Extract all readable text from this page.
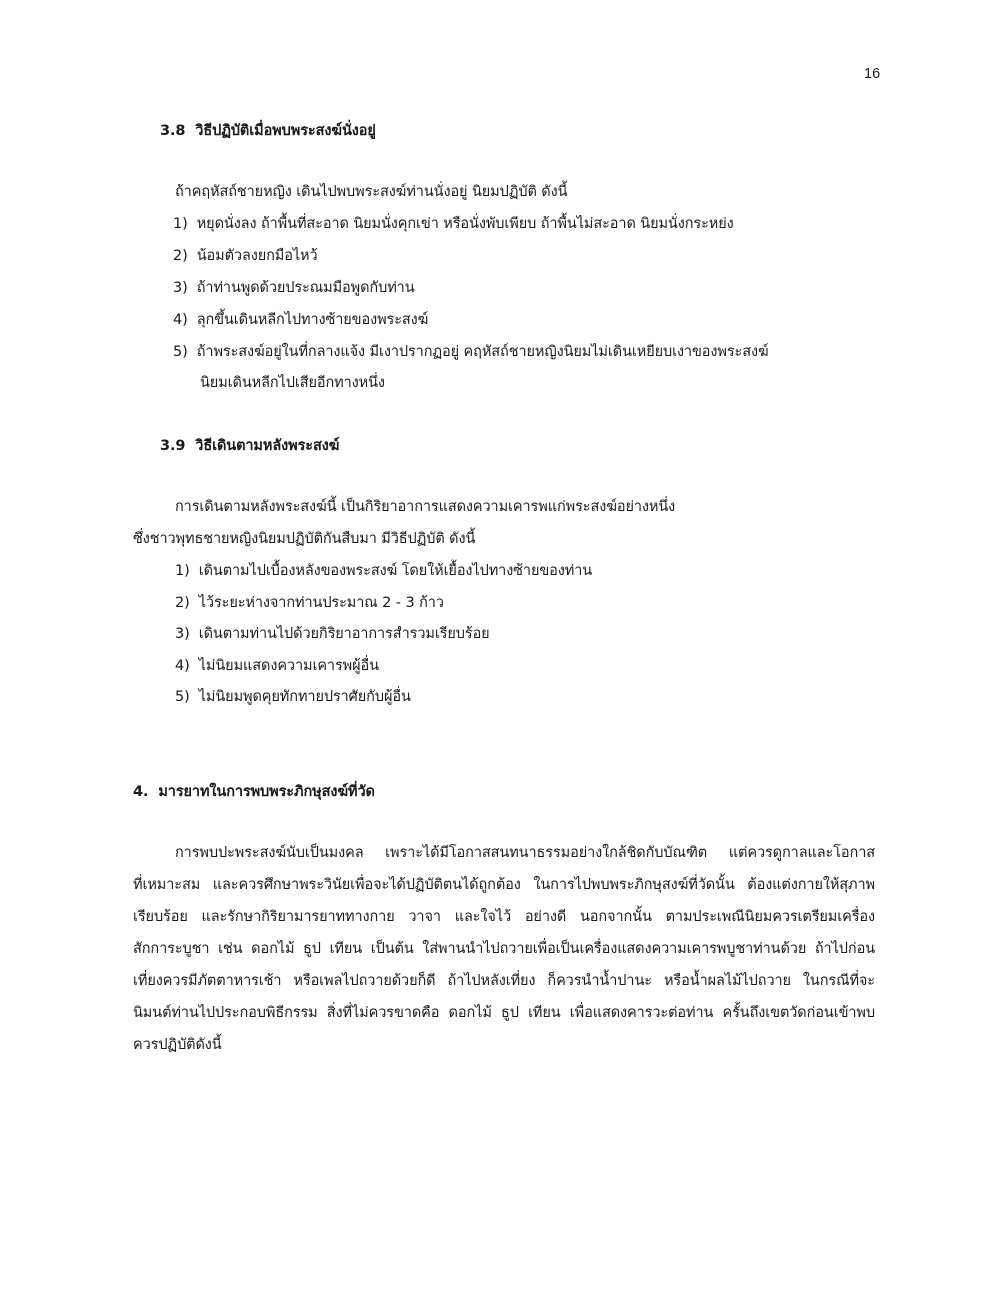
16
3.8 วิธีปฏิบัติเมื่อพบพระสงฆ์นั่งอยู่
ถ้าคฤหัสถ์ชายหญิง เดินไปพบพระสงฆ์ท่านนั่งอยู่ นิยมปฏิบัติ ดังนี้
1) หยุดนั่งลง ถ้าพื้นที่สะอาด นิยมนั่งคุกเข่า หรือนั่งพับเพียบ ถ้าพื้นไม่สะอาด นิยมนั่งกระหย่ง
2) น้อมตัวลงยกมือไหว้
3) ถ้าท่านพูดด้วยประณมมือพูดกับท่าน
4) ลุกขึ้นเดินหลีกไปทางซ้ายของพระสงฆ์
5) ถ้าพระสงฆ์อยู่ในที่กลางแจ้ง มีเงาปรากฏอยู่ คฤหัสถ์ชายหญิงนิยมไม่เดินเหยียบเงาของพระสงฆ์
นิยมเดินหลีกไปเสียอีกทางหนึ่ง
3.9 วิธีเดินตามหลังพระสงฆ์
การเดินตามหลังพระสงฆ์นี้ เป็นกิริยาอาการแสดงความเคารพแก่พระสงฆ์อย่างหนึ่ง
ซึ่งชาวพุทธชายหญิงนิยมปฏิบัติกันสืบมา มีวิธีปฏิบัติ ดังนี้
1) เดินตามไปเบื้องหลังของพระสงฆ์ โดยให้เยื้องไปทางซ้ายของท่าน
2) ไว้ระยะห่างจากท่านประมาณ 2 - 3 ก้าว
3) เดินตามท่านไปด้วยกิริยาอาการสำรวมเรียบร้อย
4) ไม่นิยมแสดงความเคารพผู้อื่น
5) ไม่นิยมพูดคุยทักทายปราศัยกับผู้อื่น
4. มารยาทในการพบพระภิกษุสงฆ์ที่วัด
การพบปะพระสงฆ์นับเป็นมงคล เพราะได้มีโอกาสสนทนาธรรมอย่างใกล้ชิดกับบัณฑิต แต่ควรดูกาลและโอกาส
ที่เหมาะสม และควรศึกษาพระวินัยเพื่อจะได้ปฏิบัติตนได้ถูกต้อง ในการไปพบพระภิกษุสงฆ์ที่วัดนั้น ต้องแต่งกายให้สุภาพ
เรียบร้อย และรักษากิริยามารยาททางกาย วาจา และใจไว้ อย่างดี นอกจากนั้น ตามประเพณีนิยมควรเตรียมเครื่อง
สักการะบูชา เช่น ดอกไม้ ธูป เทียน เป็นต้น ใส่พานนำไปถวายเพื่อเป็นเครื่องแสดงความเคารพบูชาท่านด้วย ถ้าไปก่อน
เที่ยงควรมีภัตตาหารเช้า หรือเพลไปถวายด้วยก็ดี ถ้าไปหลังเที่ยง ก็ควรนำน้ำปานะ หรือน้ำผลไม้ไปถวาย ในกรณีที่จะ
นิมนต์ท่านไปประกอบพิธีกรรม สิ่งที่ไม่ควรขาดคือ ดอกไม้ ธูป เทียน เพื่อแสดงคารวะต่อท่าน ครั้นถึงเขตวัดก่อนเข้าพบ
ควรปฏิบัติดังนี้
